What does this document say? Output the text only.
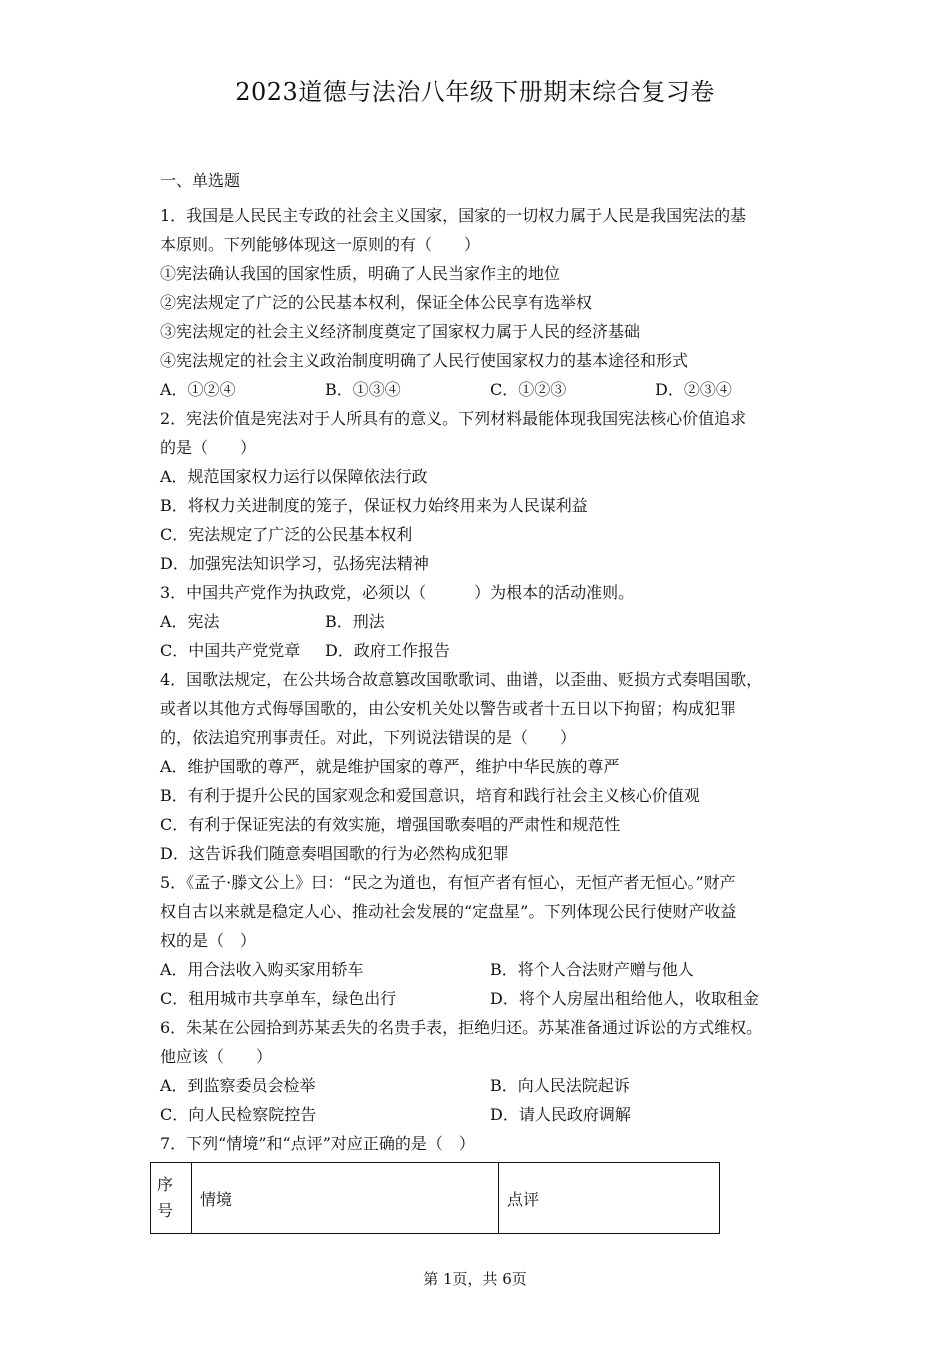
2023道德与法治八年级下册期末综合复习卷
一、单选题
1．我国是人民民主专政的社会主义国家，国家的一切权力属于人民是我国宪法的基
本原则。下列能够体现这一原则的有（　　）
①宪法确认我国的国家性质，明确了人民当家作主的地位
②宪法规定了广泛的公民基本权利，保证全体公民享有选举权
③宪法规定的社会主义经济制度奠定了国家权力属于人民的经济基础
④宪法规定的社会主义政治制度明确了人民行使国家权力的基本途径和形式
A．①②④	B．①③④	C．①②③	D．②③④
2．宪法价值是宪法对于人所具有的意义。下列材料最能体现我国宪法核心价值追求
的是（　　）
A．规范国家权力运行以保障依法行政
B．将权力关进制度的笼子，保证权力始终用来为人民谋利益
C．宪法规定了广泛的公民基本权利
D．加强宪法知识学习，弘扬宪法精神
3．中国共产党作为执政党，必须以（　　　）为根本的活动准则。
A．宪法	B．刑法
C．中国共产党党章 D．政府工作报告
4．国歌法规定，在公共场合故意篡改国歌歌词、曲谱，以歪曲、贬损方式奏唱国歌，
或者以其他方式侮辱国歌的，由公安机关处以警告或者十五日以下拘留；构成犯罪
的，依法追究刑事责任。对此，下列说法错误的是（　　）
A．维护国歌的尊严，就是维护国家的尊严，维护中华民族的尊严
B．有利于提升公民的国家观念和爱国意识，培育和践行社会主义核心价值观
C．有利于保证宪法的有效实施，增强国歌奏唱的严肃性和规范性
D．这告诉我们随意奏唱国歌的行为必然构成犯罪
5．《孟子·滕文公上》曰：“民之为道也，有恒产者有恒心，无恒产者无恒心。”财产
权自古以来就是稳定人心、推动社会发展的“定盘星”。下列体现公民行使财产收益
权的是（　）
A．用合法收入购买家用轿车	B．将个人合法财产赠与他人
C．租用城市共享单车，绿色出行	D．将个人房屋出租给他人，收取租金
6．朱某在公园拾到苏某丢失的名贵手表，拒绝归还。苏某准备通过诉讼的方式维权。
他应该（　　）
A．到监察委员会检举	B．向人民法院起诉
C．向人民检察院控告	D．请人民政府调解
7．下列“情境”和“点评”对应正确的是（　）
序号	情境	点评
第 1页，共 6页
